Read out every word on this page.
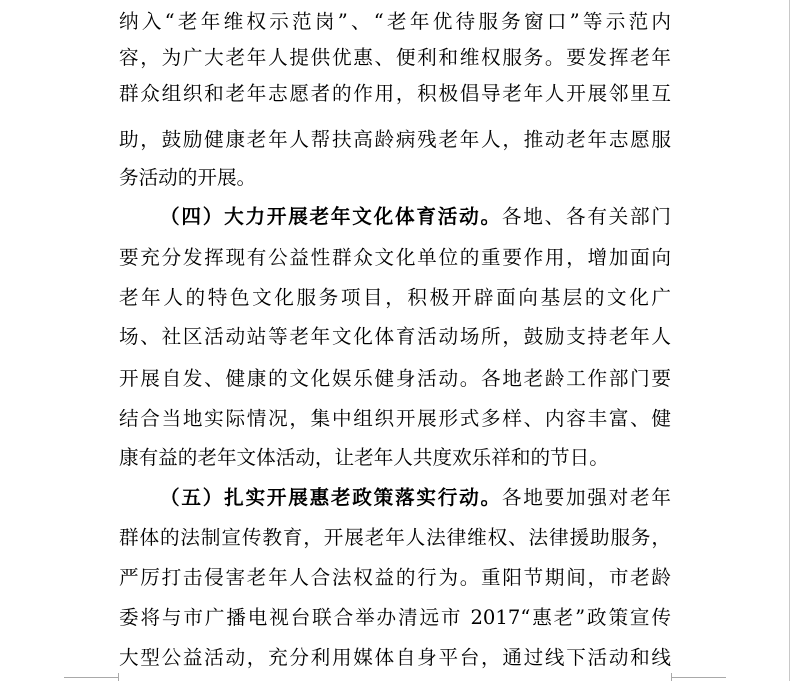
纳入“老年维权示范岗”、“老年优待服务窗口”等示范内
容，为广大老年人提供优惠、便利和维权服务。要发挥老年
群众组织和老年志愿者的作用，积极倡导老年人开展邻里互
助，鼓励健康老年人帮扶高龄病残老年人，推动老年志愿服
务活动的开展。
（四）大力开展老年文化体育活动。各地、各有关部门
要充分发挥现有公益性群众文化单位的重要作用，增加面向
老年人的特色文化服务项目，积极开辟面向基层的文化广
场、社区活动站等老年文化体育活动场所，鼓励支持老年人
开展自发、健康的文化娱乐健身活动。各地老龄工作部门要
结合当地实际情况，集中组织开展形式多样、内容丰富、健
康有益的老年文体活动，让老年人共度欢乐祥和的节日。
（五）扎实开展惠老政策落实行动。各地要加强对老年
群体的法制宣传教育，开展老年人法律维权、法律援助服务，
严厉打击侵害老年人合法权益的行为。重阳节期间，市老龄
委将与市广播电视台联合举办清远市 2017“惠老”政策宣传
大型公益活动，充分利用媒体自身平台，通过线下活动和线
